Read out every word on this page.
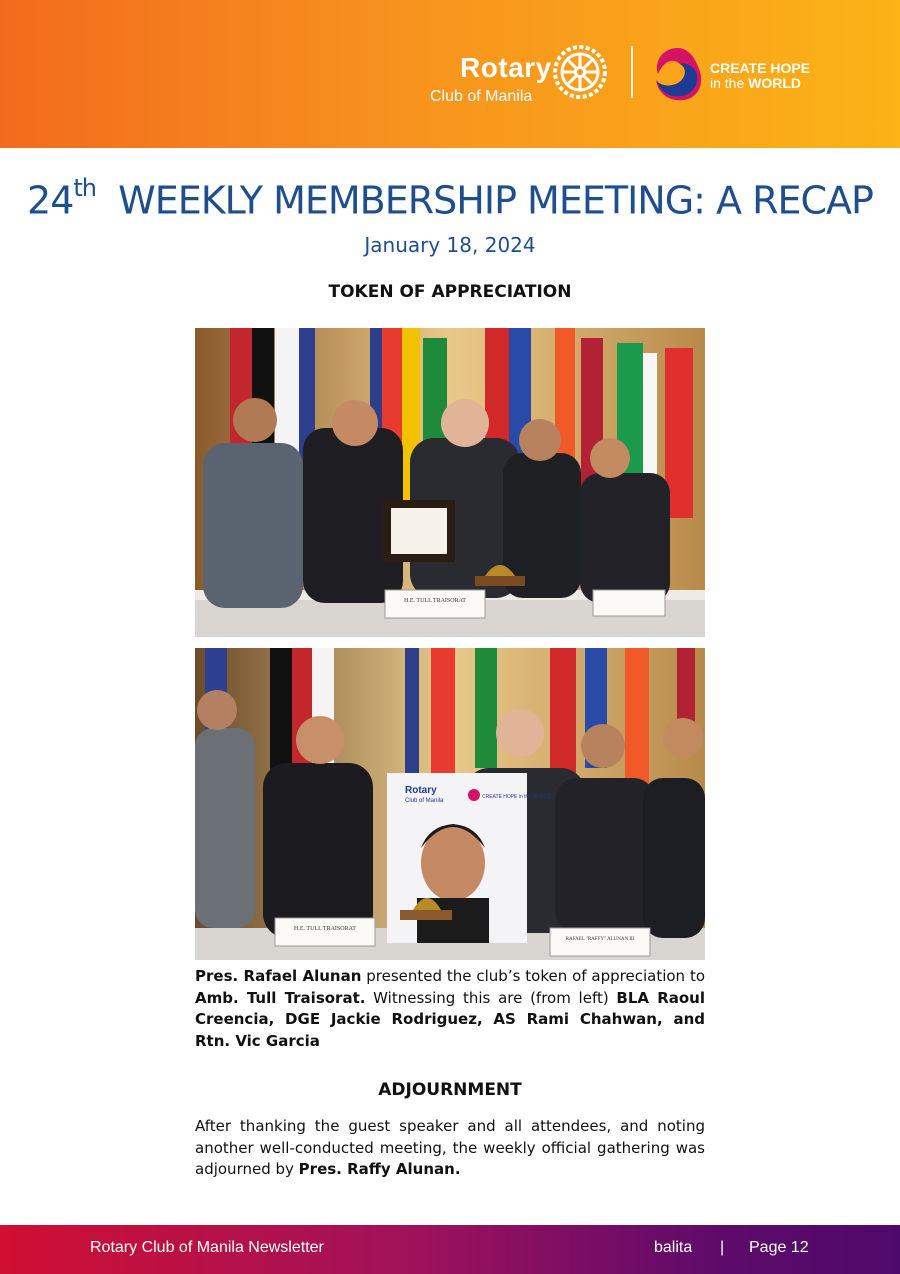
Rotary
Club of Manila
CREATE HOPE
in the WORLD
24th WEEKLY MEMBERSHIP MEETING: A RECAP
January 18, 2024
TOKEN OF APPRECIATION
H.E. TULL TRAISORAT
Rotary
Club of Manila
CREATE HOPE in the WORLD
H.E. TULL TRAISORAT
RAFAEL "RAFFY" ALUNAN III
Pres. Rafael Alunan presented the club’s token of appreciation to Amb. Tull Traisorat. Witnessing this are (from left) BLA Raoul Creencia, DGE Jackie Rodriguez, AS Rami Chahwan, and Rtn. Vic Garcia
ADJOURNMENT
After thanking the guest speaker and all attendees, and noting another well-conducted meeting, the weekly official gathering was adjourned by Pres. Raffy Alunan.
Rotary Club of Manila Newsletter	balita | Page 12
